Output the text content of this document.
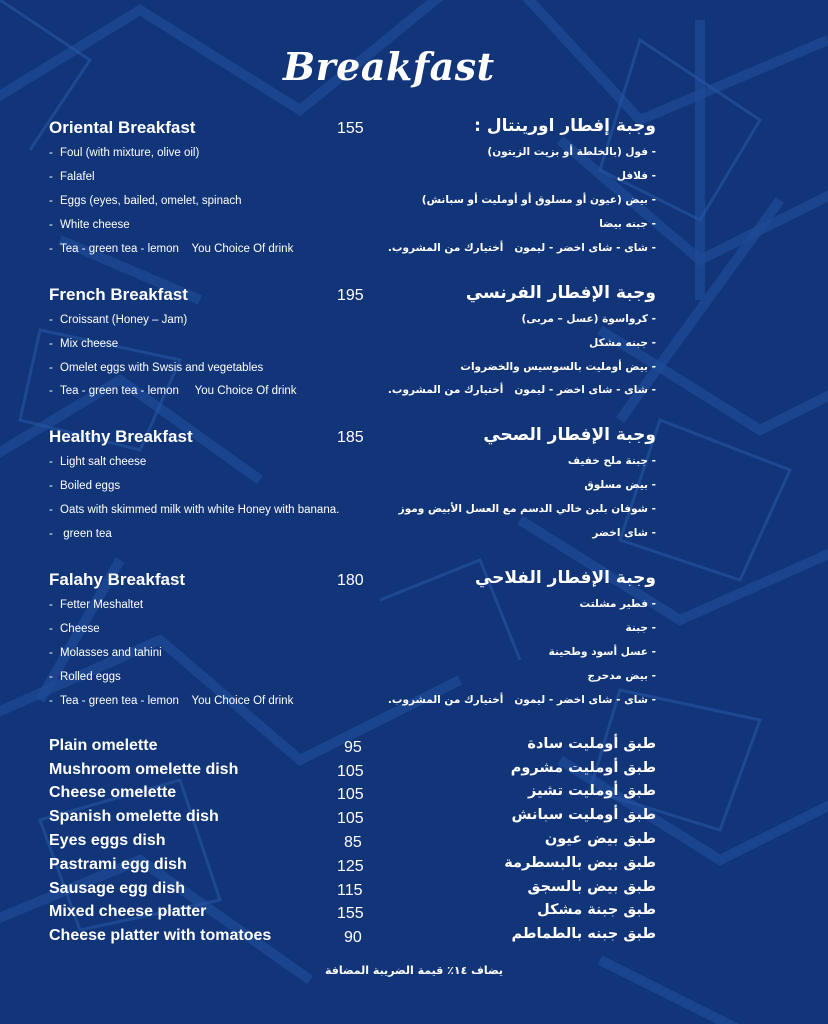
Breakfast
Oriental Breakfast	155	وجبة إفطار اورينتال :
- Foul (with mixture, olive oil)	- فول (بالخلطة أو بزيت الزيتون)
- Falafel	- فلافل
- Eggs (eyes, bailed, omelet, spinach	- بيض (عيون أو مسلوق أو أومليت أو سبانش)
- White cheese	- جبنه بيضا
- Tea - green tea - lemon    You Choice Of drink	- شاى - شاى اخضر - ليمون   أختيارك من المشروب.
French Breakfast	195	وجبة الإفطار الفرنسي
- Croissant (Honey – Jam)	- كرواسوة (عسل – مربى)
- Mix cheese	- جبنه مشكل
- Omelet eggs with Swsis and vegetables	- بيض أومليت بالسوسيس والخضروات
- Tea - green tea - lemon     You Choice Of drink	- شاى - شاى اخضر - ليمون   أختيارك من المشروب.
Healthy Breakfast	185	وجبة الإفطار الصحي
- Light salt cheese	- جبنة ملح خفيف
- Boiled eggs	- بيض مسلوق
- Oats with skimmed milk with white Honey with banana.	- شوفان بلبن خالي الدسم مع العسل الأبيض وموز
- green tea	- شاى اخضر
Falahy Breakfast	180	وجبة الإفطار الفلاحي
- Fetter Meshaltet	- فطير مشلتت
- Cheese	- جبنة
- Molasses and tahini	- عسل أسود وطحينة
- Rolled eggs	- بيض مدحرج
- Tea - green tea - lemon    You Choice Of drink	- شاى - شاى اخضر - ليمون   أختيارك من المشروب.
Plain omelette	95	طبق أومليت سادة
Mushroom omelette dish	105	طبق أومليت مشروم
Cheese omelette	105	طبق أومليت تشيز
Spanish omelette dish	105	طبق أومليت سبانش
Eyes eggs dish	85	طبق بيض عيون
Pastrami egg dish	125	طبق بيض بالبسطرمة
Sausage egg dish	115	طبق بيض بالسجق
Mixed cheese platter	155	طبق جبنة مشكل
Cheese platter with tomatoes	90	طبق جبنه بالطماطم
يضاف ١٤٪ قيمة الضريبة المضافة
